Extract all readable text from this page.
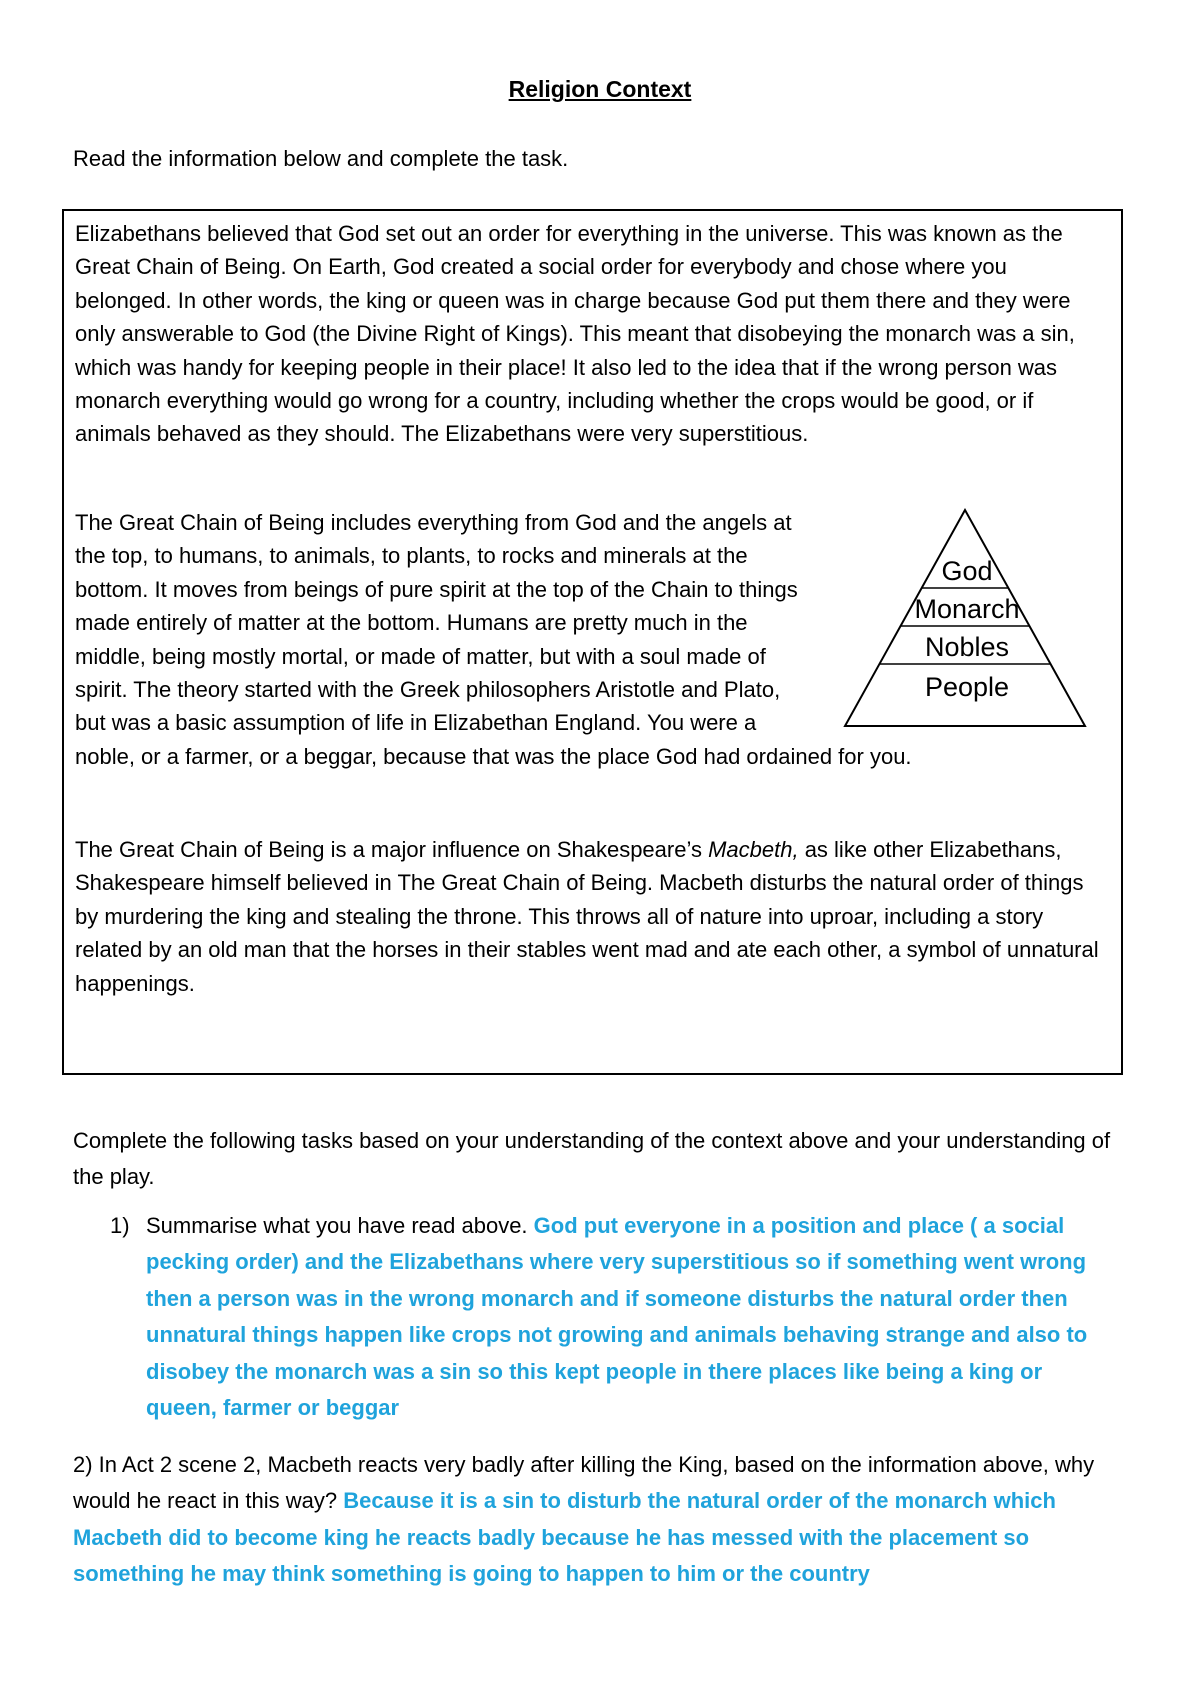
Religion Context
Read the information below and complete the task.

Elizabethans believed that God set out an order for everything in the universe. This was known as the Great Chain of Being. On Earth, God created a social order for everybody and chose where you belonged. In other words, the king or queen was in charge because God put them there and they were only answerable to God (the Divine Right of Kings). This meant that disobeying the monarch was a sin, which was handy for keeping people in their place! It also led to the idea that if the wrong person was monarch everything would go wrong for a country, including whether the crops would be good, or if animals behaved as they should. The Elizabethans were very superstitious.

God
Monarch
Nobles
People
The Great Chain of Being includes everything from God and the angels at the top, to humans, to animals, to plants, to rocks and minerals at the bottom. It moves from beings of pure spirit at the top of the Chain to things made entirely of matter at the bottom. Humans are pretty much in the middle, being mostly mortal, or made of matter, but with a soul made of spirit. The theory started with the Greek philosophers Aristotle and Plato, but was a basic assumption of life in Elizabethan England. You were a noble, or a farmer, or a beggar, because that was the place God had ordained for you.

The Great Chain of Being is a major influence on Shakespeare’s Macbeth, as like other Elizabethans, Shakespeare himself believed in The Great Chain of Being. Macbeth disturbs the natural order of things by murdering the king and stealing the throne. This throws all of nature into uproar, including a story related by an old man that the horses in their stables went mad and ate each other, a symbol of unnatural happenings.

Complete the following tasks based on your understanding of the context above and your understanding of the play.
1) Summarise what you have read above. God put everyone in a position and place ( a social pecking order) and the Elizabethans where very superstitious so if something went wrong then a person was in the wrong monarch and if someone disturbs the natural order then unnatural things happen like crops not growing and animals behaving strange and also to disobey the monarch was a sin so this kept people in there places like being a king or queen, farmer or beggar
2) In Act 2 scene 2, Macbeth reacts very badly after killing the King, based on the information above, why would he react in this way? Because it is a sin to disturb the natural order of the monarch which Macbeth did to become king he reacts badly because he has messed with the placement so something he may think something is going to happen to him or the country
